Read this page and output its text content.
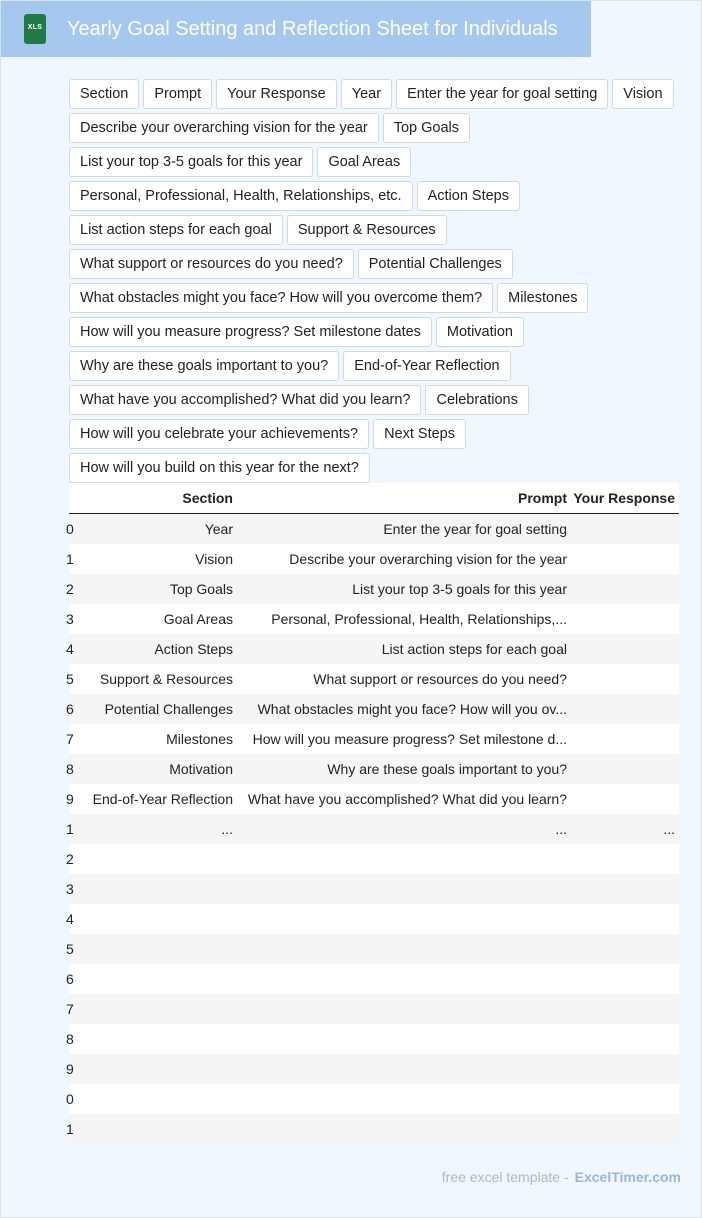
XLS Yearly Goal Setting and Reflection Sheet for Individuals
Section	Prompt	Your Response	Year	Enter the year for goal setting	Vision
Describe your overarching vision for the year	Top Goals
List your top 3-5 goals for this year	Goal Areas
Personal, Professional, Health, Relationships, etc.	Action Steps
List action steps for each goal	Support & Resources
What support or resources do you need?	Potential Challenges
What obstacles might you face? How will you overcome them?	Milestones
How will you measure progress? Set milestone dates	Motivation
Why are these goals important to you?	End-of-Year Reflection
What have you accomplished? What did you learn?	Celebrations
How will you celebrate your achievements?	Next Steps
How will you build on this year for the next?
	Section	Prompt	Your Response
0	Year	Enter the year for goal setting	
1	Vision	Describe your overarching vision for the year	
2	Top Goals	List your top 3-5 goals for this year	
3	Goal Areas	Personal, Professional, Health, Relationships,...	
4	Action Steps	List action steps for each goal	
5	Support & Resources	What support or resources do you need?	
6	Potential Challenges	What obstacles might you face? How will you ov...	
7	Milestones	How will you measure progress? Set milestone d...	
8	Motivation	Why are these goals important to you?	
9	End-of-Year Reflection	What have you accomplished? What did you learn?	
1	...	...	...
2			
3			
4			
5			
6			
7			
8			
9			
0			
1			
free excel template - ExcelTimer.com
